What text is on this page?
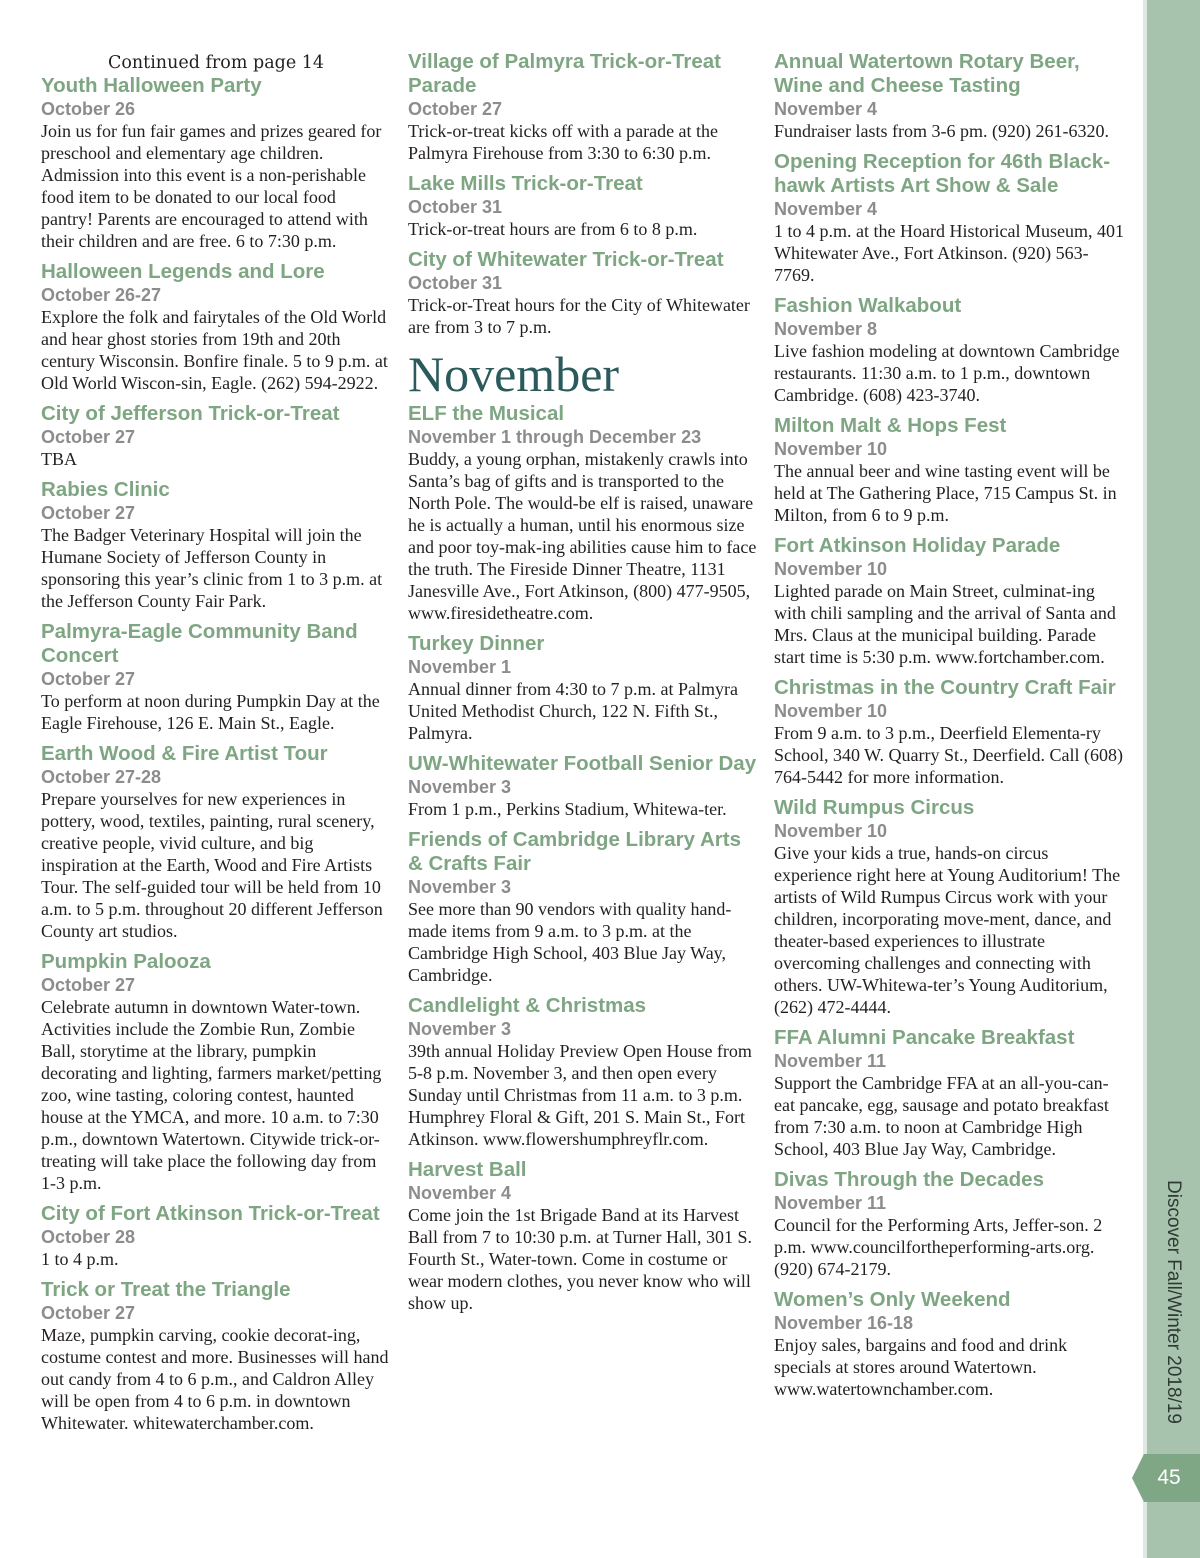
Continued from page 14
Youth Halloween Party
October 26
Join us for fun fair games and prizes geared for preschool and elementary age children. Admission into this event is a non-perishable food item to be donated to our local food pantry! Parents are encouraged to attend with their children and are free. 6 to 7:30 p.m.
Halloween Legends and Lore
October 26-27
Explore the folk and fairytales of the Old World and hear ghost stories from 19th and 20th century Wisconsin. Bonfire finale. 5 to 9 p.m. at Old World Wiscon-sin, Eagle. (262) 594-2922.
City of Jefferson Trick-or-Treat
October 27
TBA
Rabies Clinic
October 27
The Badger Veterinary Hospital will join the Humane Society of Jefferson County in sponsoring this year’s clinic from 1 to 3 p.m. at the Jefferson County Fair Park.
Palmyra-Eagle Community Band Concert
October 27
To perform at noon during Pumpkin Day at the Eagle Firehouse, 126 E. Main St., Eagle.
Earth Wood & Fire Artist Tour
October 27-28
Prepare yourselves for new experiences in pottery, wood, textiles, painting, rural scenery, creative people, vivid culture, and big inspiration at the Earth, Wood and Fire Artists Tour. The self-guided tour will be held from 10 a.m. to 5 p.m. throughout 20 different Jefferson County art studios.
Pumpkin Palooza
October 27
Celebrate autumn in downtown Water-town. Activities include the Zombie Run, Zombie Ball, storytime at the library, pumpkin decorating and lighting, farmers market/petting zoo, wine tasting, coloring contest, haunted house at the YMCA, and more. 10 a.m. to 7:30 p.m., downtown Watertown. Citywide trick-or-treating will take place the following day from 1-3 p.m.
City of Fort Atkinson Trick-or-Treat
October 28
1 to 4 p.m.
Trick or Treat the Triangle
October 27
Maze, pumpkin carving, cookie decorat-ing, costume contest and more. Businesses will hand out candy from 4 to 6 p.m., and Caldron Alley will be open from 4 to 6 p.m. in downtown Whitewater. whitewaterchamber.com.
Village of Palmyra Trick-or-Treat Parade
October 27
Trick-or-treat kicks off with a parade at the Palmyra Firehouse from 3:30 to 6:30 p.m.
Lake Mills Trick-or-Treat
October 31
Trick-or-treat hours are from 6 to 8 p.m.
City of Whitewater Trick-or-Treat
October 31
Trick-or-Treat hours for the City of Whitewater are from 3 to 7 p.m.
November
ELF the Musical
November 1 through December 23
Buddy, a young orphan, mistakenly crawls into Santa’s bag of gifts and is transported to the North Pole. The would-be elf is raised, unaware he is actually a human, until his enormous size and poor toy-mak-ing abilities cause him to face the truth. The Fireside Dinner Theatre, 1131 Janesville Ave., Fort Atkinson, (800) 477-9505, www.firesidetheatre.com.
Turkey Dinner
November 1
Annual dinner from 4:30 to 7 p.m. at Palmyra United Methodist Church, 122 N. Fifth St., Palmyra.
UW-Whitewater Football Senior Day
November 3
From 1 p.m., Perkins Stadium, Whitewa-ter.
Friends of Cambridge Library Arts & Crafts Fair
November 3
See more than 90 vendors with quality hand-made items from 9 a.m. to 3 p.m. at the Cambridge High School, 403 Blue Jay Way, Cambridge.
Candlelight & Christmas
November 3
39th annual Holiday Preview Open House from 5-8 p.m. November 3, and then open every Sunday until Christmas from 11 a.m. to 3 p.m. Humphrey Floral & Gift, 201 S. Main St., Fort Atkinson. www.flowershumphreyflr.com.
Harvest Ball
November 4
Come join the 1st Brigade Band at its Harvest Ball from 7 to 10:30 p.m. at Turner Hall, 301 S. Fourth St., Water-town. Come in costume or wear modern clothes, you never know who will show up.
Annual Watertown Rotary Beer, Wine and Cheese Tasting
November 4
Fundraiser lasts from 3-6 pm. (920) 261-6320.
Opening Reception for 46th Black-hawk Artists Art Show & Sale
November 4
1 to 4 p.m. at the Hoard Historical Museum, 401 Whitewater Ave., Fort Atkinson. (920) 563-7769.
Fashion Walkabout
November 8
Live fashion modeling at downtown Cambridge restaurants. 11:30 a.m. to 1 p.m., downtown Cambridge. (608) 423-3740.
Milton Malt & Hops Fest
November 10
The annual beer and wine tasting event will be held at The Gathering Place, 715 Campus St. in Milton, from 6 to 9 p.m.
Fort Atkinson Holiday Parade
November 10
Lighted parade on Main Street, culminat-ing with chili sampling and the arrival of Santa and Mrs. Claus at the municipal building. Parade start time is 5:30 p.m. www.fortchamber.com.
Christmas in the Country Craft Fair
November 10
From 9 a.m. to 3 p.m., Deerfield Elementa-ry School, 340 W. Quarry St., Deerfield. Call (608) 764-5442 for more information.
Wild Rumpus Circus
November 10
Give your kids a true, hands-on circus experience right here at Young Auditorium! The artists of Wild Rumpus Circus work with your children, incorporating move-ment, dance, and theater-based experiences to illustrate overcoming challenges and connecting with others. UW-Whitewa-ter’s Young Auditorium, (262) 472-4444.
FFA Alumni Pancake Breakfast
November 11
Support the Cambridge FFA at an all-you-can-eat pancake, egg, sausage and potato breakfast from 7:30 a.m. to noon at Cambridge High School, 403 Blue Jay Way, Cambridge.
Divas Through the Decades
November 11
Council for the Performing Arts, Jeffer-son. 2 p.m. www.councilfortheperforming-arts.org. (920) 674-2179.
Women’s Only Weekend
November 16-18
Enjoy sales, bargains and food and drink specials at stores around Watertown. www.watertownchamber.com.	Discover Fall/Winter 2018/19
45
